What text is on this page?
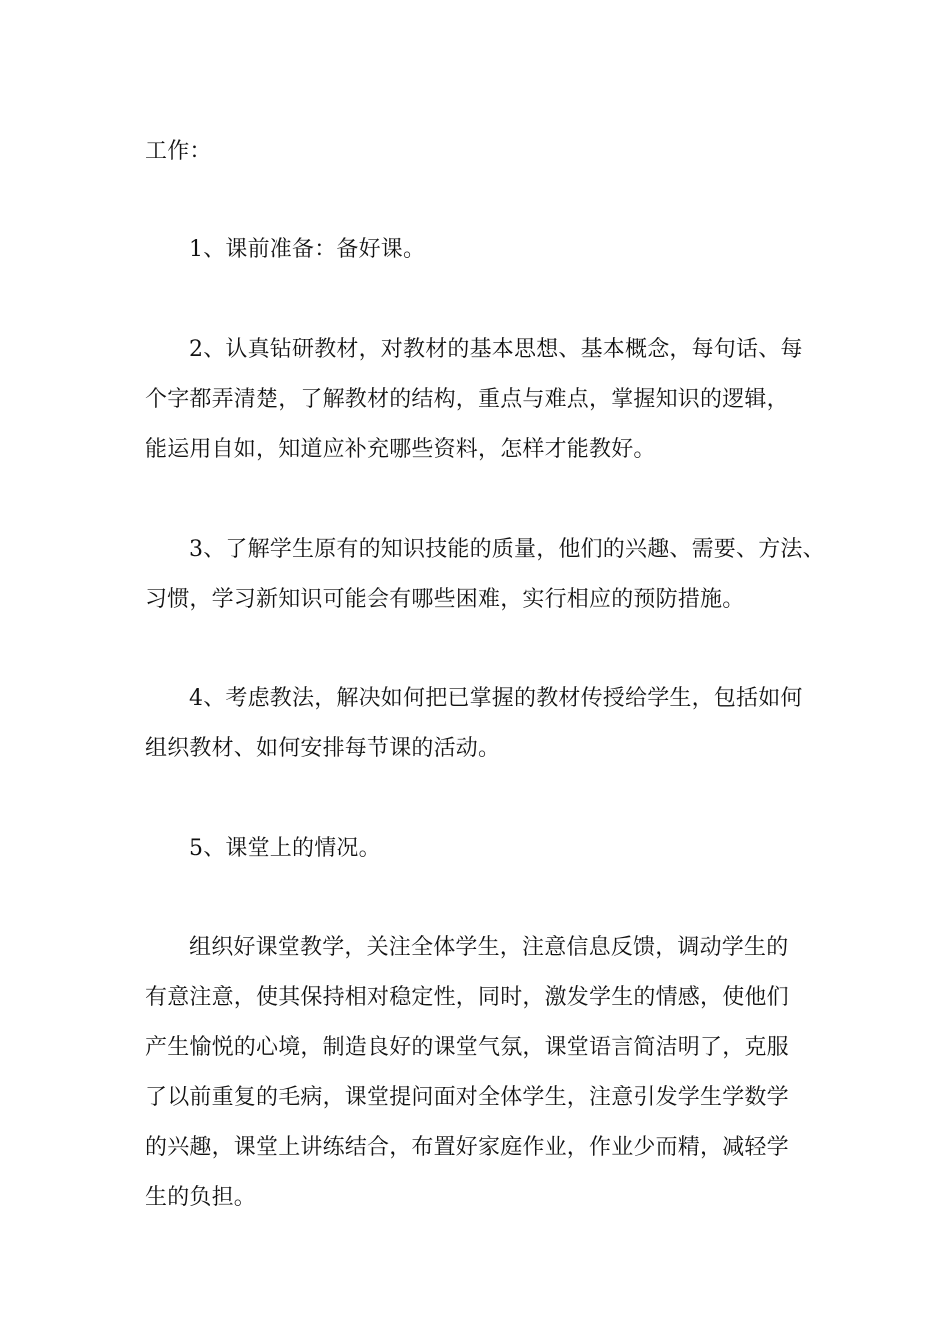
工作：
1、课前准备：备好课。
2、认真钻研教材，对教材的基本思想、基本概念，每句话、每
个字都弄清楚，了解教材的结构，重点与难点，掌握知识的逻辑，
能运用自如，知道应补充哪些资料，怎样才能教好。
3、了解学生原有的知识技能的质量，他们的兴趣、需要、方法、
习惯，学习新知识可能会有哪些困难，实行相应的预防措施。
4、考虑教法，解决如何把已掌握的教材传授给学生，包括如何
组织教材、如何安排每节课的活动。
5、课堂上的情况。
组织好课堂教学，关注全体学生，注意信息反馈，调动学生的
有意注意，使其保持相对稳定性，同时，激发学生的情感，使他们
产生愉悦的心境，制造良好的课堂气氛，课堂语言简洁明了，克服
了以前重复的毛病，课堂提问面对全体学生，注意引发学生学数学
的兴趣，课堂上讲练结合，布置好家庭作业，作业少而精，减轻学
生的负担。
